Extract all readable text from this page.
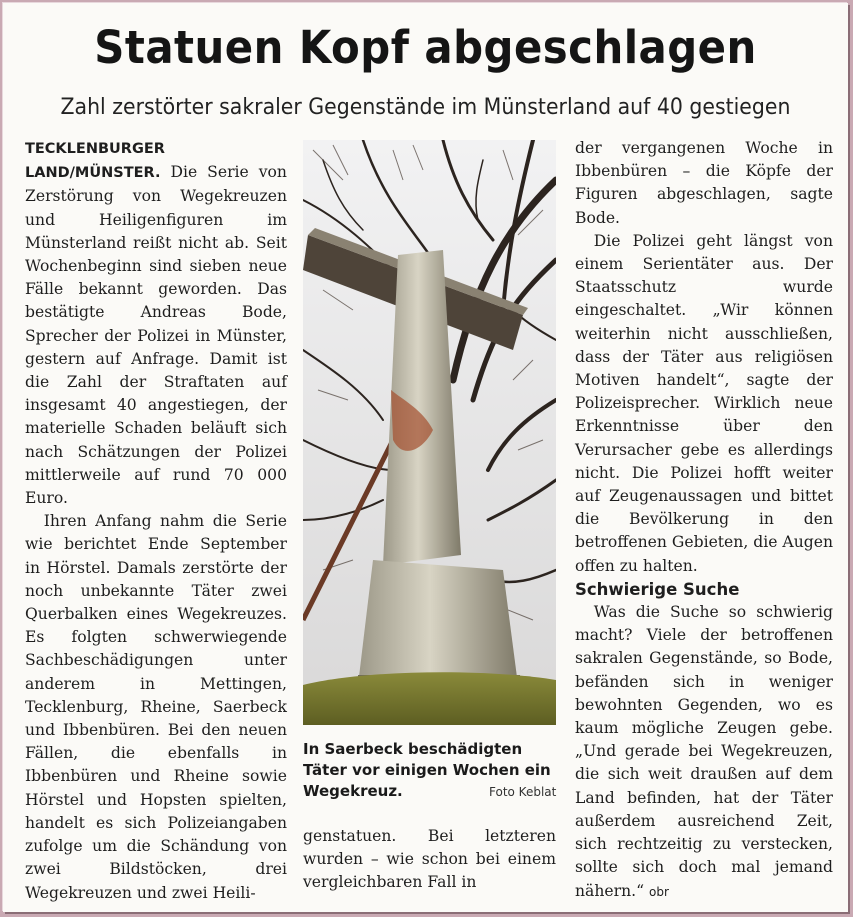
Statuen Kopf abgeschlagen
Zahl zerstörter sakraler Gegenstände im Münsterland auf 40 gestiegen

TECKLENBURGER LAND/MÜNSTER. Die Serie von Zerstörung von Wegekreuzen und Heiligenfiguren im Münsterland reißt nicht ab. Seit Wochenbeginn sind sieben neue Fälle bekannt geworden. Das bestätigte Andreas Bode, Sprecher der Polizei in Münster, gestern auf Anfrage. Damit ist die Zahl der Straftaten auf insgesamt 40 angestiegen, der materielle Schaden beläuft sich nach Schätzungen der Polizei mittlerweile auf rund 70 000 Euro.

Ihren Anfang nahm die Serie wie berichtet Ende September in Hörstel. Damals zerstörte der noch unbekannte Täter zwei Querbalken eines Wegekreuzes. Es folgten schwerwiegende Sachbeschädigungen unter anderem in Mettingen, Tecklenburg, Rheine, Saerbeck und Ibbenbüren. Bei den neuen Fällen, die ebenfalls in Ibbenbüren und Rheine sowie Hörstel und Hopsten spielten, handelt es sich Polizeiangaben zufolge um die Schändung von zwei Bildstöcken, drei Wegekreuzen und zwei Heili-

In Saerbeck beschädigten Täter vor einigen Wochen ein Wegekreuz.	Foto Keblat

genstatuen. Bei letzteren wurden – wie schon bei einem vergleichbaren Fall in

der vergangenen Woche in Ibbenbüren – die Köpfe der Figuren abgeschlagen, sagte Bode.

Die Polizei geht längst von einem Serientäter aus. Der Staatsschutz wurde eingeschaltet. „Wir können weiterhin nicht ausschließen, dass der Täter aus religiösen Motiven handelt“, sagte der Polizeisprecher. Wirklich neue Erkenntnisse über den Verursacher gebe es allerdings nicht. Die Polizei hofft weiter auf Zeugenaussagen und bittet die Bevölkerung in den betroffenen Gebieten, die Augen offen zu halten.

Schwierige Suche

Was die Suche so schwierig macht? Viele der betroffenen sakralen Gegenstände, so Bode, befänden sich in weniger bewohnten Gegenden, wo es kaum mögliche Zeugen gebe. „Und gerade bei Wegekreuzen, die sich weit draußen auf dem Land befinden, hat der Täter außerdem ausreichend Zeit, sich rechtzeitig zu verstecken, sollte sich doch mal jemand nähern.“ obr
